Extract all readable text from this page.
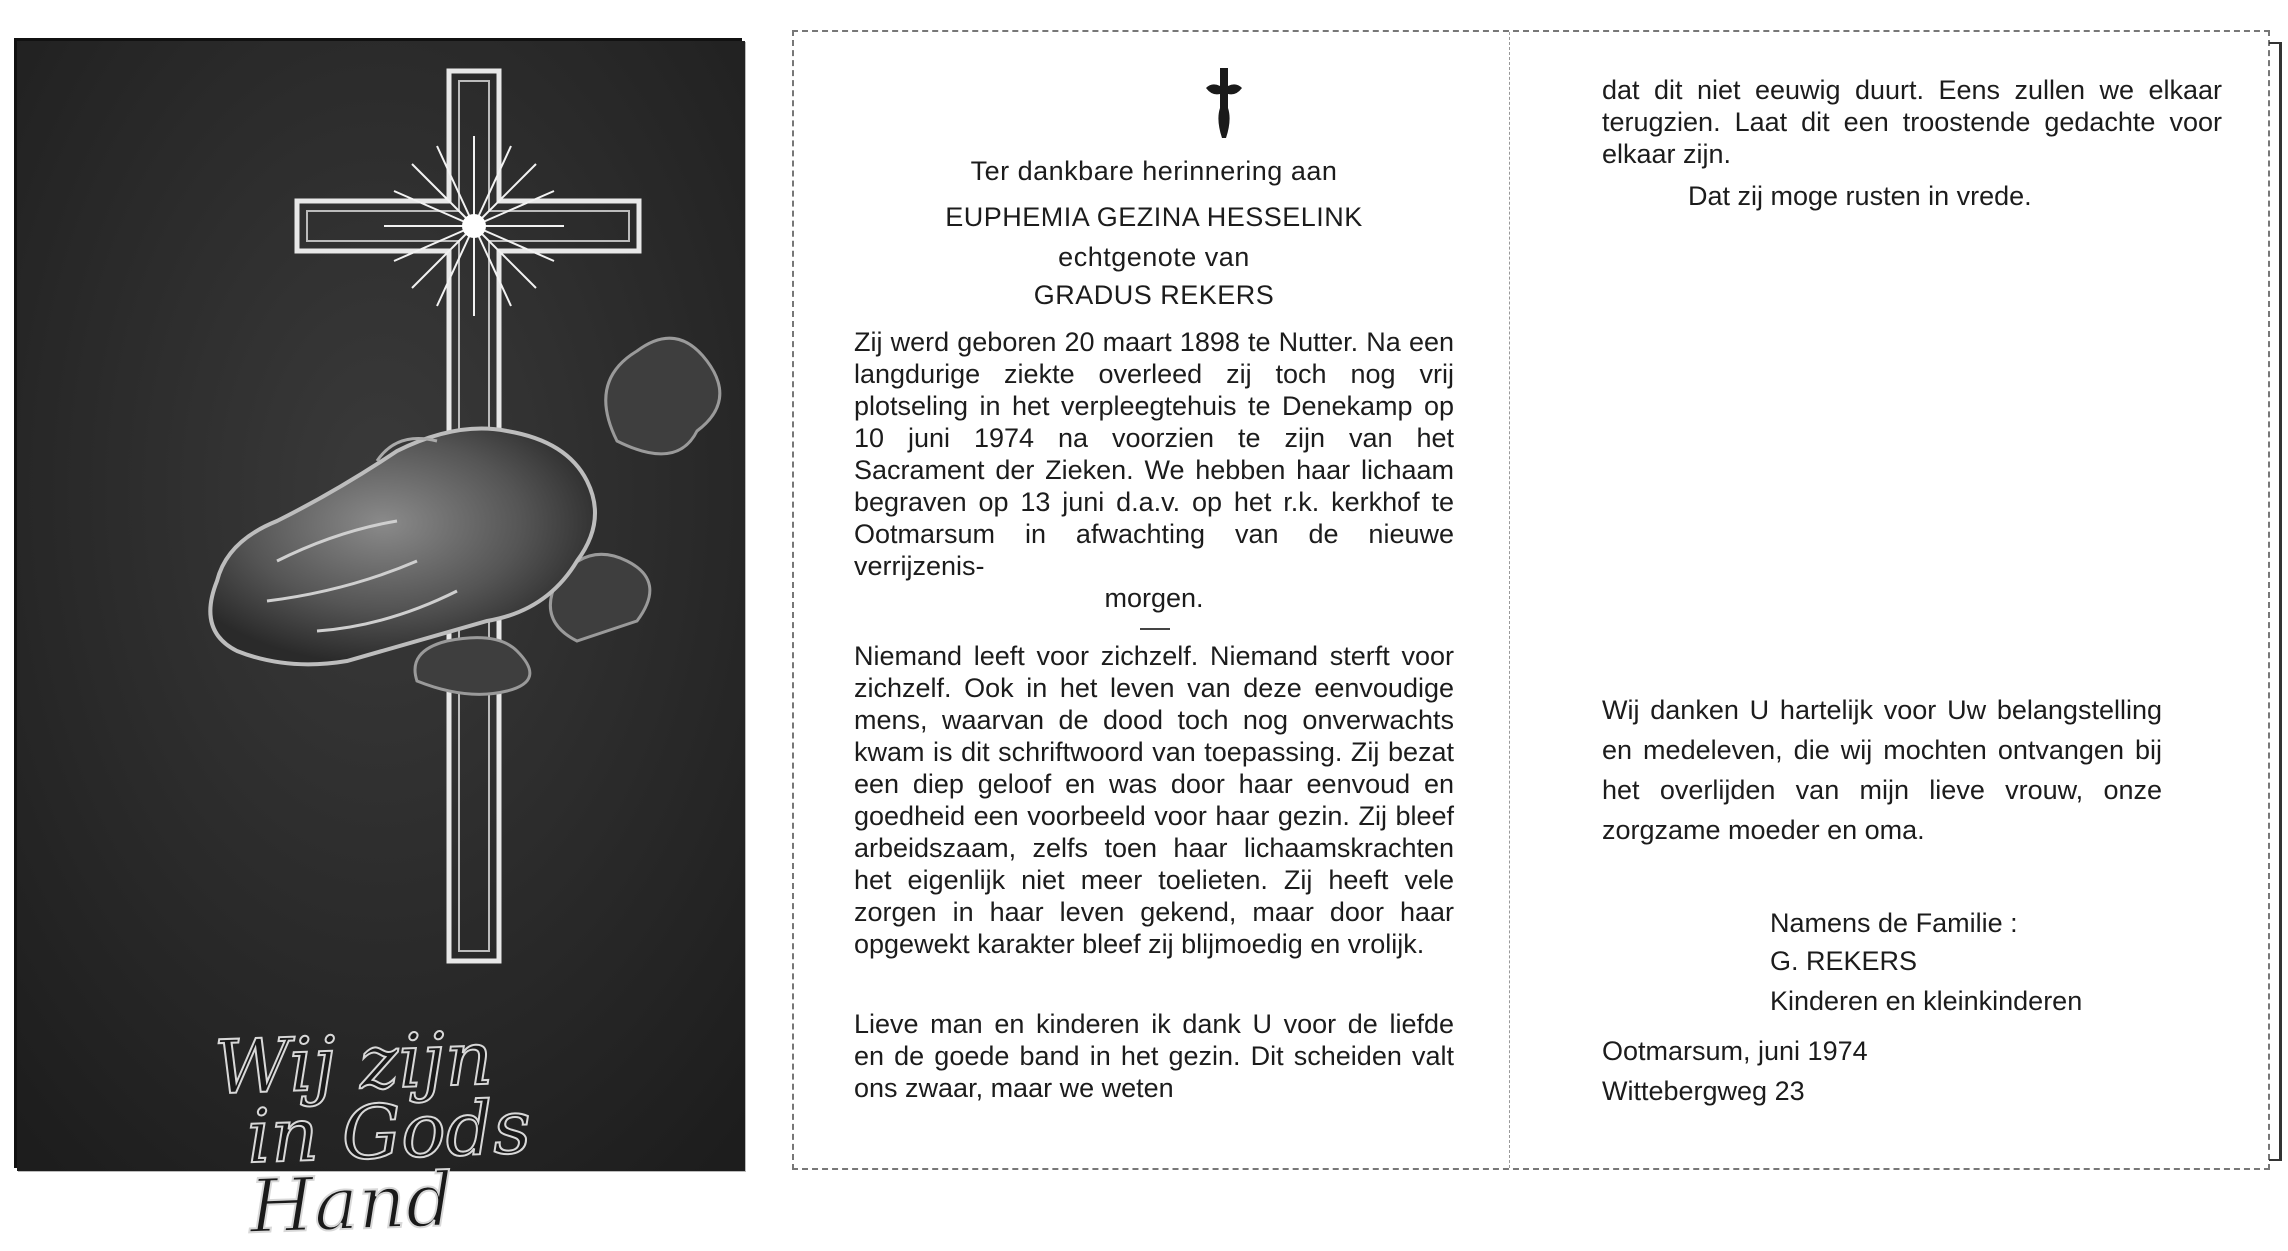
Wij zijn
in Gods Hand
Ter dankbare herinnering aan
EUPHEMIA GEZINA HESSELINK
echtgenote van
GRADUS REKERS
Zij werd geboren 20 maart 1898 te Nutter. Na een langdurige ziekte overleed zij toch nog vrij plotseling in het verpleegtehuis te Denekamp op 10 juni 1974 na voorzien te zijn van het Sacrament der Zieken. We hebben haar lichaam begraven op 13 juni d.a.v. op het r.k. kerkhof te Ootmarsum in afwachting van de nieuwe verrijzenis-
morgen.
Niemand leeft voor zichzelf. Niemand sterft voor zichzelf. Ook in het leven van deze eenvoudige mens, waarvan de dood toch nog onverwachts kwam is dit schriftwoord van toepassing. Zij bezat een diep geloof en was door haar eenvoud en goedheid een voorbeeld voor haar gezin. Zij bleef arbeidszaam, zelfs toen haar lichaamskrachten het eigenlijk niet meer toelieten. Zij heeft vele zorgen in haar leven gekend, maar door haar opgewekt karakter bleef zij blijmoedig en vrolijk.
Lieve man en kinderen ik dank U voor de liefde en de goede band in het gezin. Dit scheiden valt ons zwaar, maar we weten
dat dit niet eeuwig duurt. Eens zullen we elkaar terugzien. Laat dit een troostende gedachte voor elkaar zijn.
Dat zij moge rusten in vrede.
Wij danken U hartelijk voor Uw belangstelling en medeleven, die wij mochten ontvangen bij het overlijden van mijn lieve vrouw, onze zorgzame moeder en oma.
Namens de Familie :
G. REKERS
Kinderen en kleinkinderen
Ootmarsum, juni 1974
Wittebergweg 23
